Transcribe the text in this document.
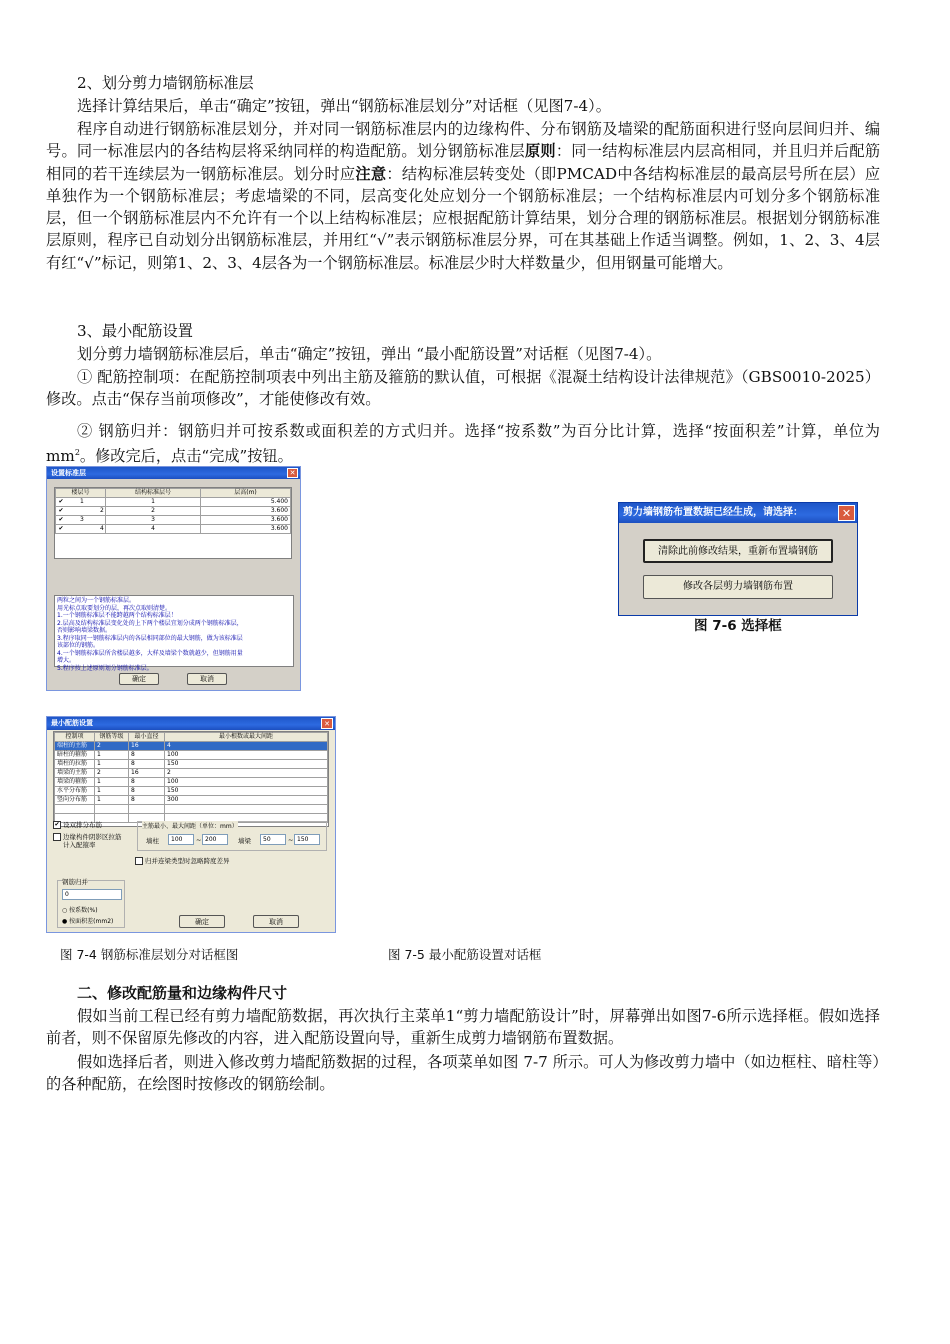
2、划分剪力墙钢筋标准层

选择计算结果后，单击“确定”按钮，弹出“钢筋标准层划分”对话框（见图7-4）。

程序自动进行钢筋标准层划分，并对同一钢筋标准层内的边缘构件、分布钢筋及墙梁的配筋面积进行竖向层间归并、编号。同一标准层内的各结构层将采纳同样的构造配筋。划分钢筋标准层原则：同一结构标准层内层高相同，并且归并后配筋相同的若干连续层为一钢筋标准层。划分时应注意：结构标准层转变处（即PMCAD中各结构标准层的最高层号所在层）应单独作为一个钢筋标准层；考虑墙梁的不同，层高变化处应划分一个钢筋标准层；一个结构标准层内可划分多个钢筋标准层，但一个钢筋标准层内不允许有一个以上结构标准层；应根据配筋计算结果，划分合理的钢筋标准层。根据划分钢筋标准层原则，程序已自动划分出钢筋标准层，并用红“√”表示钢筋标准层分界，可在其基础上作适当调整。例如，1、2、3、4层有红“√”标记，则第1、2、3、4层各为一个钢筋标准层。标准层少时大样数量少，但用钢量可能增大。

3、最小配筋设置

划分剪力墙钢筋标准层后，单击“确定”按钮，弹出 “最小配筋设置”对话框（见图7-4）。

① 配筋控制项：在配筋控制项表中列出主筋及箍筋的默认值，可根据《混凝土结构设计法律规范》（GBS0010-2025）修改。点击“保存当前项修改”，才能使修改有效。

② 钢筋归并：钢筋归并可按系数或面积差的方式归并。选择“按系数”为百分比计算，选择“按面积差”计算，单位为 $mm^2$。修改完后，点击“完成”按钮。

设置标准层	✕
楼层号	结构标准层号	层高(m)
✔ 1	1	5.400
✔ 2	2	3.600
✔ 3	3	3.600
✔ 4	4	3.600
两粒之间为一个钢筋标准层。
用光标点取要划分的层，再次点取则清楚。
1.一个钢筋标准层不能跨越两个结构标准层！
2.层高及结构标准层变化处的上下两个楼层宜划分成两个钢筋标准层，
否则影响墙梁数据。
3.程序取同一钢筋标准层内的各层相同部位的最大钢筋，做为该标准层
该部位的钢筋。
4.一个钢筋标准层所含楼层越多，大样及墙梁个数就越少，但钢筋用量
增大。
5.程序按上述原则划分钢筋标准层。
确定	取消
剪力墙钢筋布置数据已经生成，请选择：	✕
清除此前修改结果，重新布置墙钢筋
修改各层剪力墙钢筋布置
图 7-6 选择框
最小配筋设置	✕
控制项	钢筋等级	最小直径	最小根数或最大间距
端柱的主筋	2	16	4
暗柱的箍筋	1	8	100
墙柱的拉筋	1	8	150
墙梁的主筋	2	16	2
墙梁的箍筋	1	8	100
水平分布筋	1	8	150
竖向分布筋	1	8	300

✔ 设双排分布筋
边缘构件阴影区拉筋
计入配箍率
主筋最小、最大间距（单位：mm）
墙柱	100	~ 200	墙梁	50	~ 150
归并连梁类型时忽略跨度差异
钢筋归并
0
○ 按系数(%)
● 按面积差(mm2)	确定	取消
图 7-4 钢筋标准层划分对话框图	图 7-5 最小配筋设置对话框

二、修改配筋量和边缘构件尺寸

假如当前工程已经有剪力墙配筋数据，再次执行主菜单1“剪力墙配筋设计”时，屏幕弹出如图7-6所示选择框。假如选择前者，则不保留原先修改的内容，进入配筋设置向导，重新生成剪力墙钢筋布置数据。

假如选择后者，则进入修改剪力墙配筋数据的过程，各项菜单如图 7-7 所示。可人为修改剪力墙中（如边框柱、暗柱等）的各种配筋，在绘图时按修改的钢筋绘制。
